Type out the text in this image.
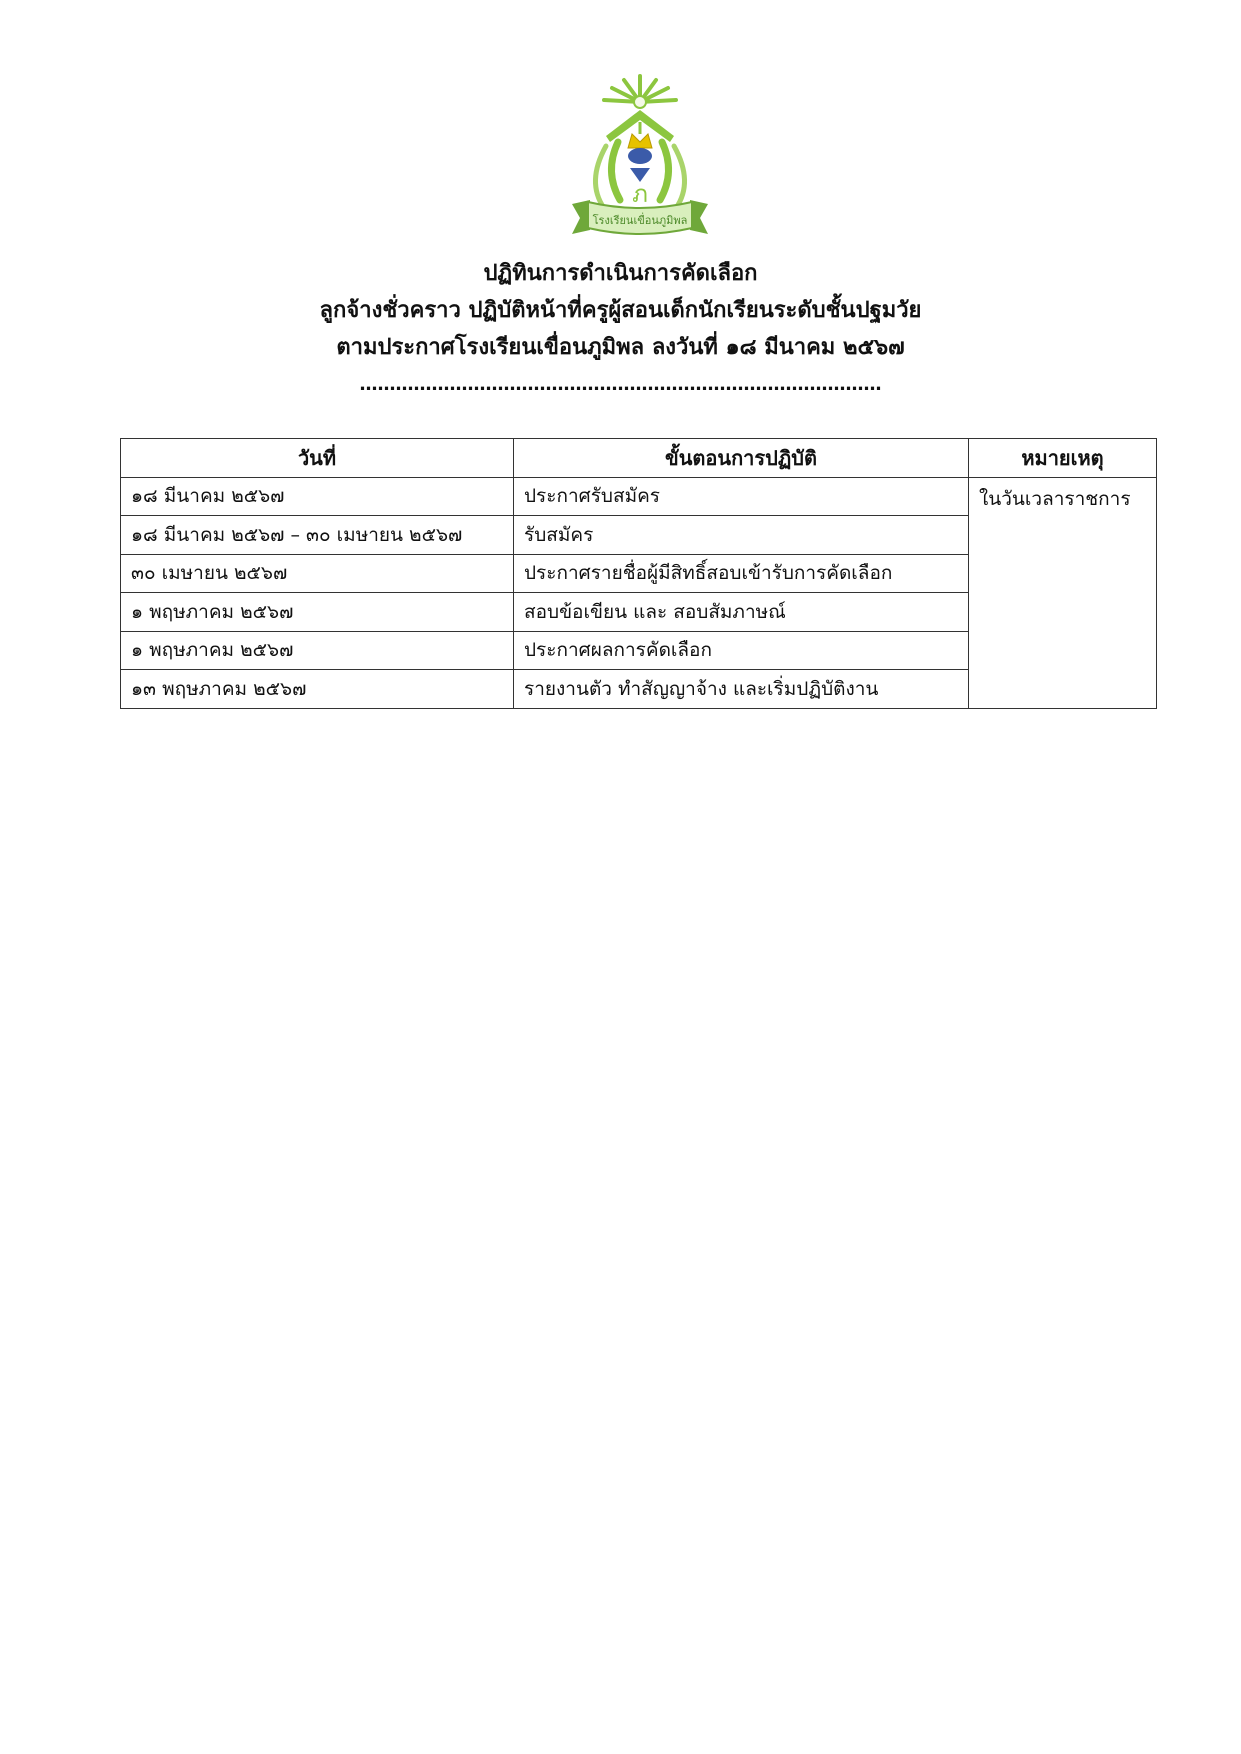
ภ
โรงเรียนเขื่อนภูมิพล
ปฏิทินการดำเนินการคัดเลือก
ลูกจ้างชั่วคราว ปฏิบัติหน้าที่ครูผู้สอนเด็กนักเรียนระดับชั้นปฐมวัย
ตามประกาศโรงเรียนเขื่อนภูมิพล ลงวันที่ ๑๘ มีนาคม ๒๕๖๗
……………………………………………………………………………
วันที่	ขั้นตอนการปฏิบัติ	หมายเหตุ
๑๘ มีนาคม ๒๕๖๗	ประกาศรับสมัคร	ในวันเวลาราชการ
๑๘ มีนาคม ๒๕๖๗ – ๓๐ เมษายน ๒๕๖๗	รับสมัคร	
๓๐ เมษายน ๒๕๖๗	ประกาศรายชื่อผู้มีสิทธิ์สอบเข้ารับการคัดเลือก	
๑ พฤษภาคม ๒๕๖๗	สอบข้อเขียน และ สอบสัมภาษณ์	
๑ พฤษภาคม ๒๕๖๗	ประกาศผลการคัดเลือก	
๑๓ พฤษภาคม ๒๕๖๗	รายงานตัว ทำสัญญาจ้าง และเริ่มปฏิบัติงาน	
